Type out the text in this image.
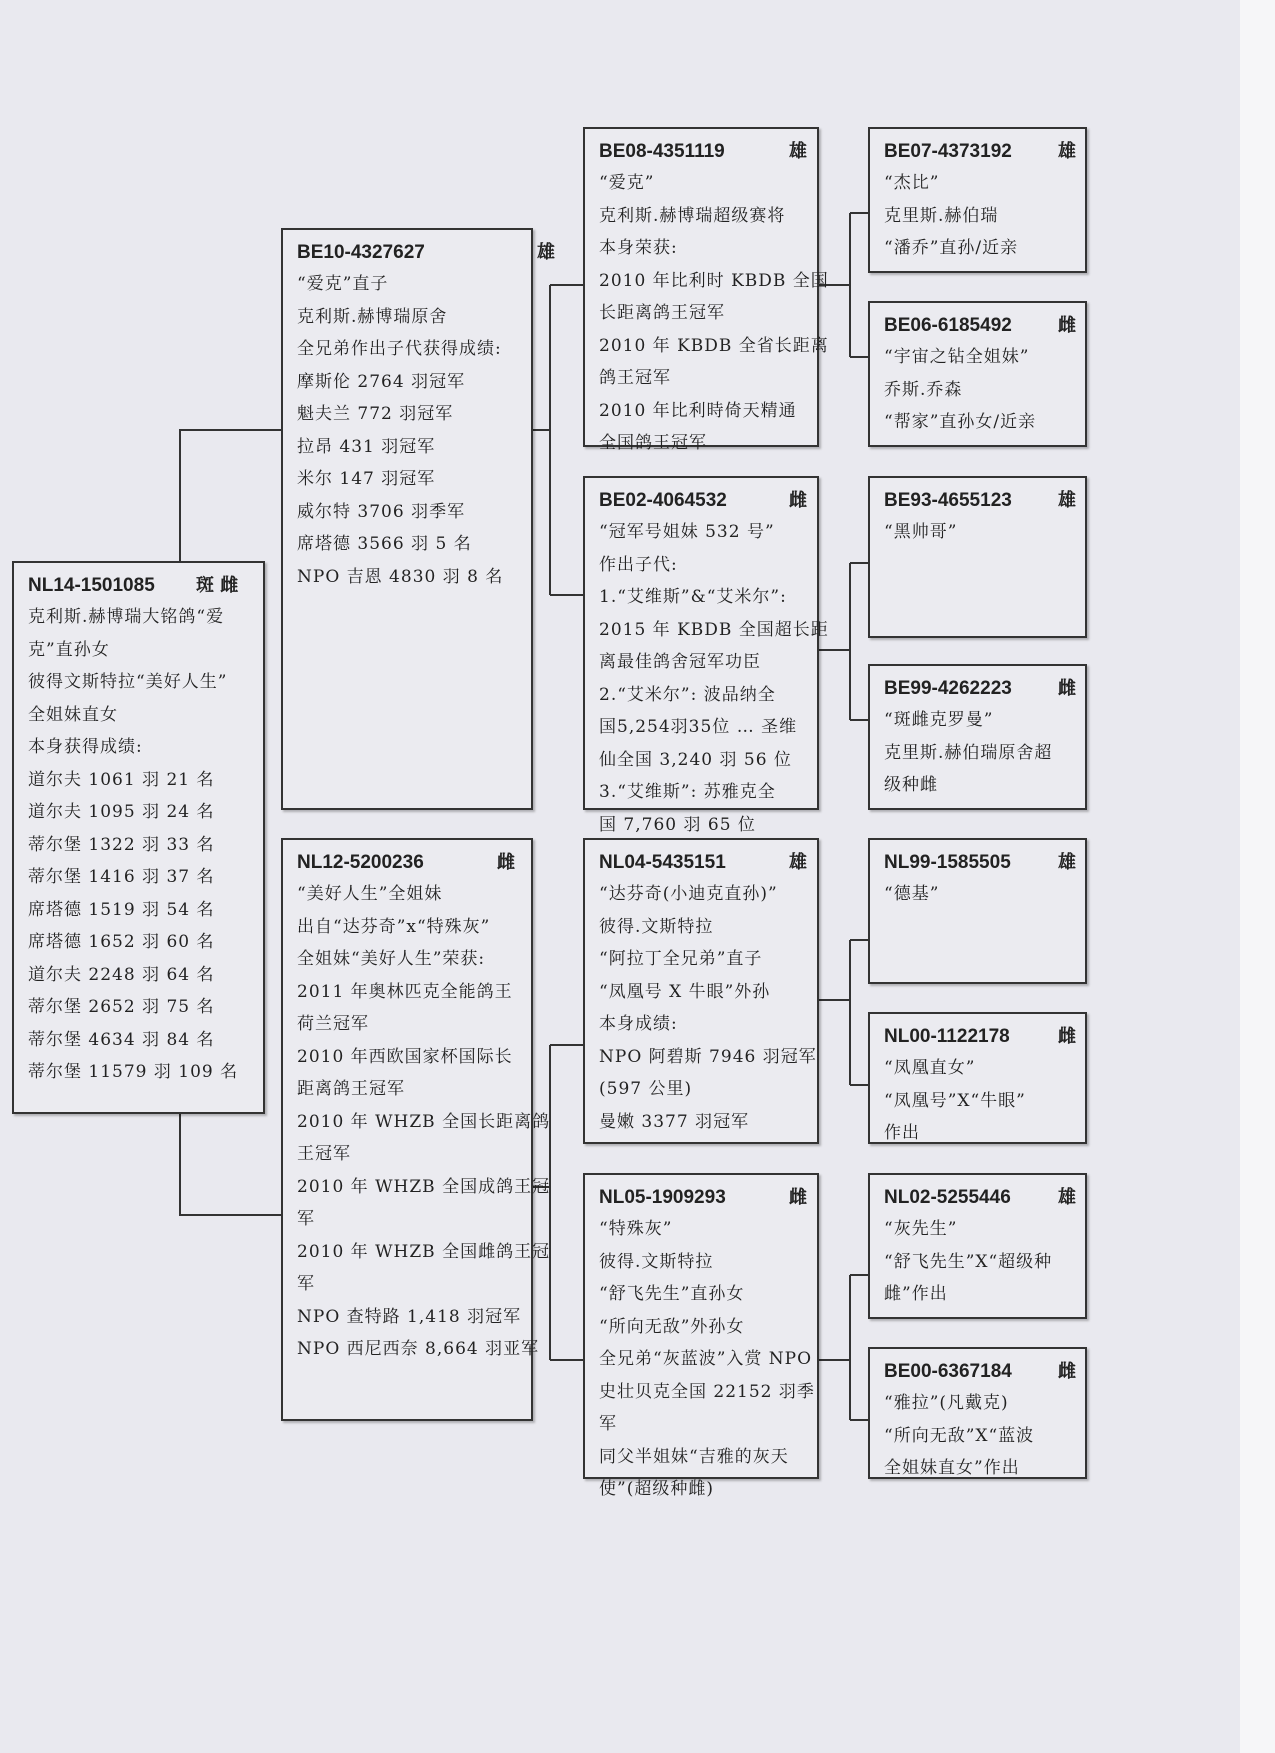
NL14-1501085 斑 雌
克利斯.赫博瑞大铭鸽“爱
克”直孙女
彼得文斯特拉“美好人生”
全姐妹直女
本身获得成绩:
道尔夫 1061 羽 21 名
道尔夫 1095 羽 24 名
蒂尔堡 1322 羽 33 名
蒂尔堡 1416 羽 37 名
席塔德 1519 羽 54 名
席塔德 1652 羽 60 名
道尔夫 2248 羽 64 名
蒂尔堡 2652 羽 75 名
蒂尔堡 4634 羽 84 名
蒂尔堡 11579 羽 109 名
BE10-4327627	雄
“爱克”直子
克利斯.赫博瑞原舍
全兄弟作出子代获得成绩:
摩斯伦 2764 羽冠军
魁夫兰 772 羽冠军
拉昂 431 羽冠军
米尔 147 羽冠军
威尔特 3706 羽季军
席塔德 3566 羽 5 名
NPO 吉恩 4830 羽 8 名
NL12-5200236	雌
“美好人生”全姐妹
出自“达芬奇”x“特殊灰”
全姐妹“美好人生”荣获:
2011 年奥林匹克全能鸽王
荷兰冠军
2010 年西欧国家杯国际长
距离鸽王冠军
2010 年 WHZB 全国长距离鸽
王冠军
2010 年 WHZB 全国成鸽王冠
军
2010 年 WHZB 全国雌鸽王冠
军
NPO 查特路 1,418 羽冠军
NPO 西尼西奈 8,664 羽亚军
BE08-4351119	雄
“爱克”
克利斯.赫博瑞超级赛将
本身荣获:
2010 年比利时 KBDB 全国
长距离鸽王冠军
2010 年 KBDB 全省长距离
鸽王冠军
2010 年比利時倚天精通
全国鸽王冠军
BE02-4064532	雌
“冠军号姐妹 532 号”
作出子代:
1.“艾维斯”&“艾米尔”:
2015 年 KBDB 全国超长距
离最佳鸽舍冠军功臣
2.“艾米尔”: 波品纳全
国5,254羽35位 … 圣维
仙全国 3,240 羽 56 位
3.“艾维斯”: 苏雅克全
国 7,760 羽 65 位
NL04-5435151	雄
“达芬奇(小迪克直孙)”
彼得.文斯特拉
“阿拉丁全兄弟”直子
“凤凰号 X 牛眼”外孙
本身成绩:
NPO 阿碧斯 7946 羽冠军
(597 公里)
曼嫩 3377 羽冠军
NL05-1909293	雌
“特殊灰”
彼得.文斯特拉
“舒飞先生”直孙女
“所向无敌”外孙女
全兄弟“灰蓝波”入赏 NPO
史壮贝克全国 22152 羽季
军
同父半姐妹“吉雅的灰天
使”(超级种雌)
BE07-4373192	雄
“杰比”
克里斯.赫伯瑞
“潘乔”直孙/近亲
BE06-6185492	雌
“宇宙之钻全姐妹”
乔斯.乔森
“帮家”直孙女/近亲
BE93-4655123	雄
“黑帅哥”
BE99-4262223	雌
“斑雌克罗曼”
克里斯.赫伯瑞原舍超
级种雌
NL99-1585505	雄
“德基”
NL00-1122178	雌
“凤凰直女”
“凤凰号”X“牛眼”
作出
NL02-5255446	雄
“灰先生”
“舒飞先生”X“超级种
雌”作出
BE00-6367184	雌
“雅拉”(凡戴克)
“所向无敌”X“蓝波
全姐妹直女”作出
